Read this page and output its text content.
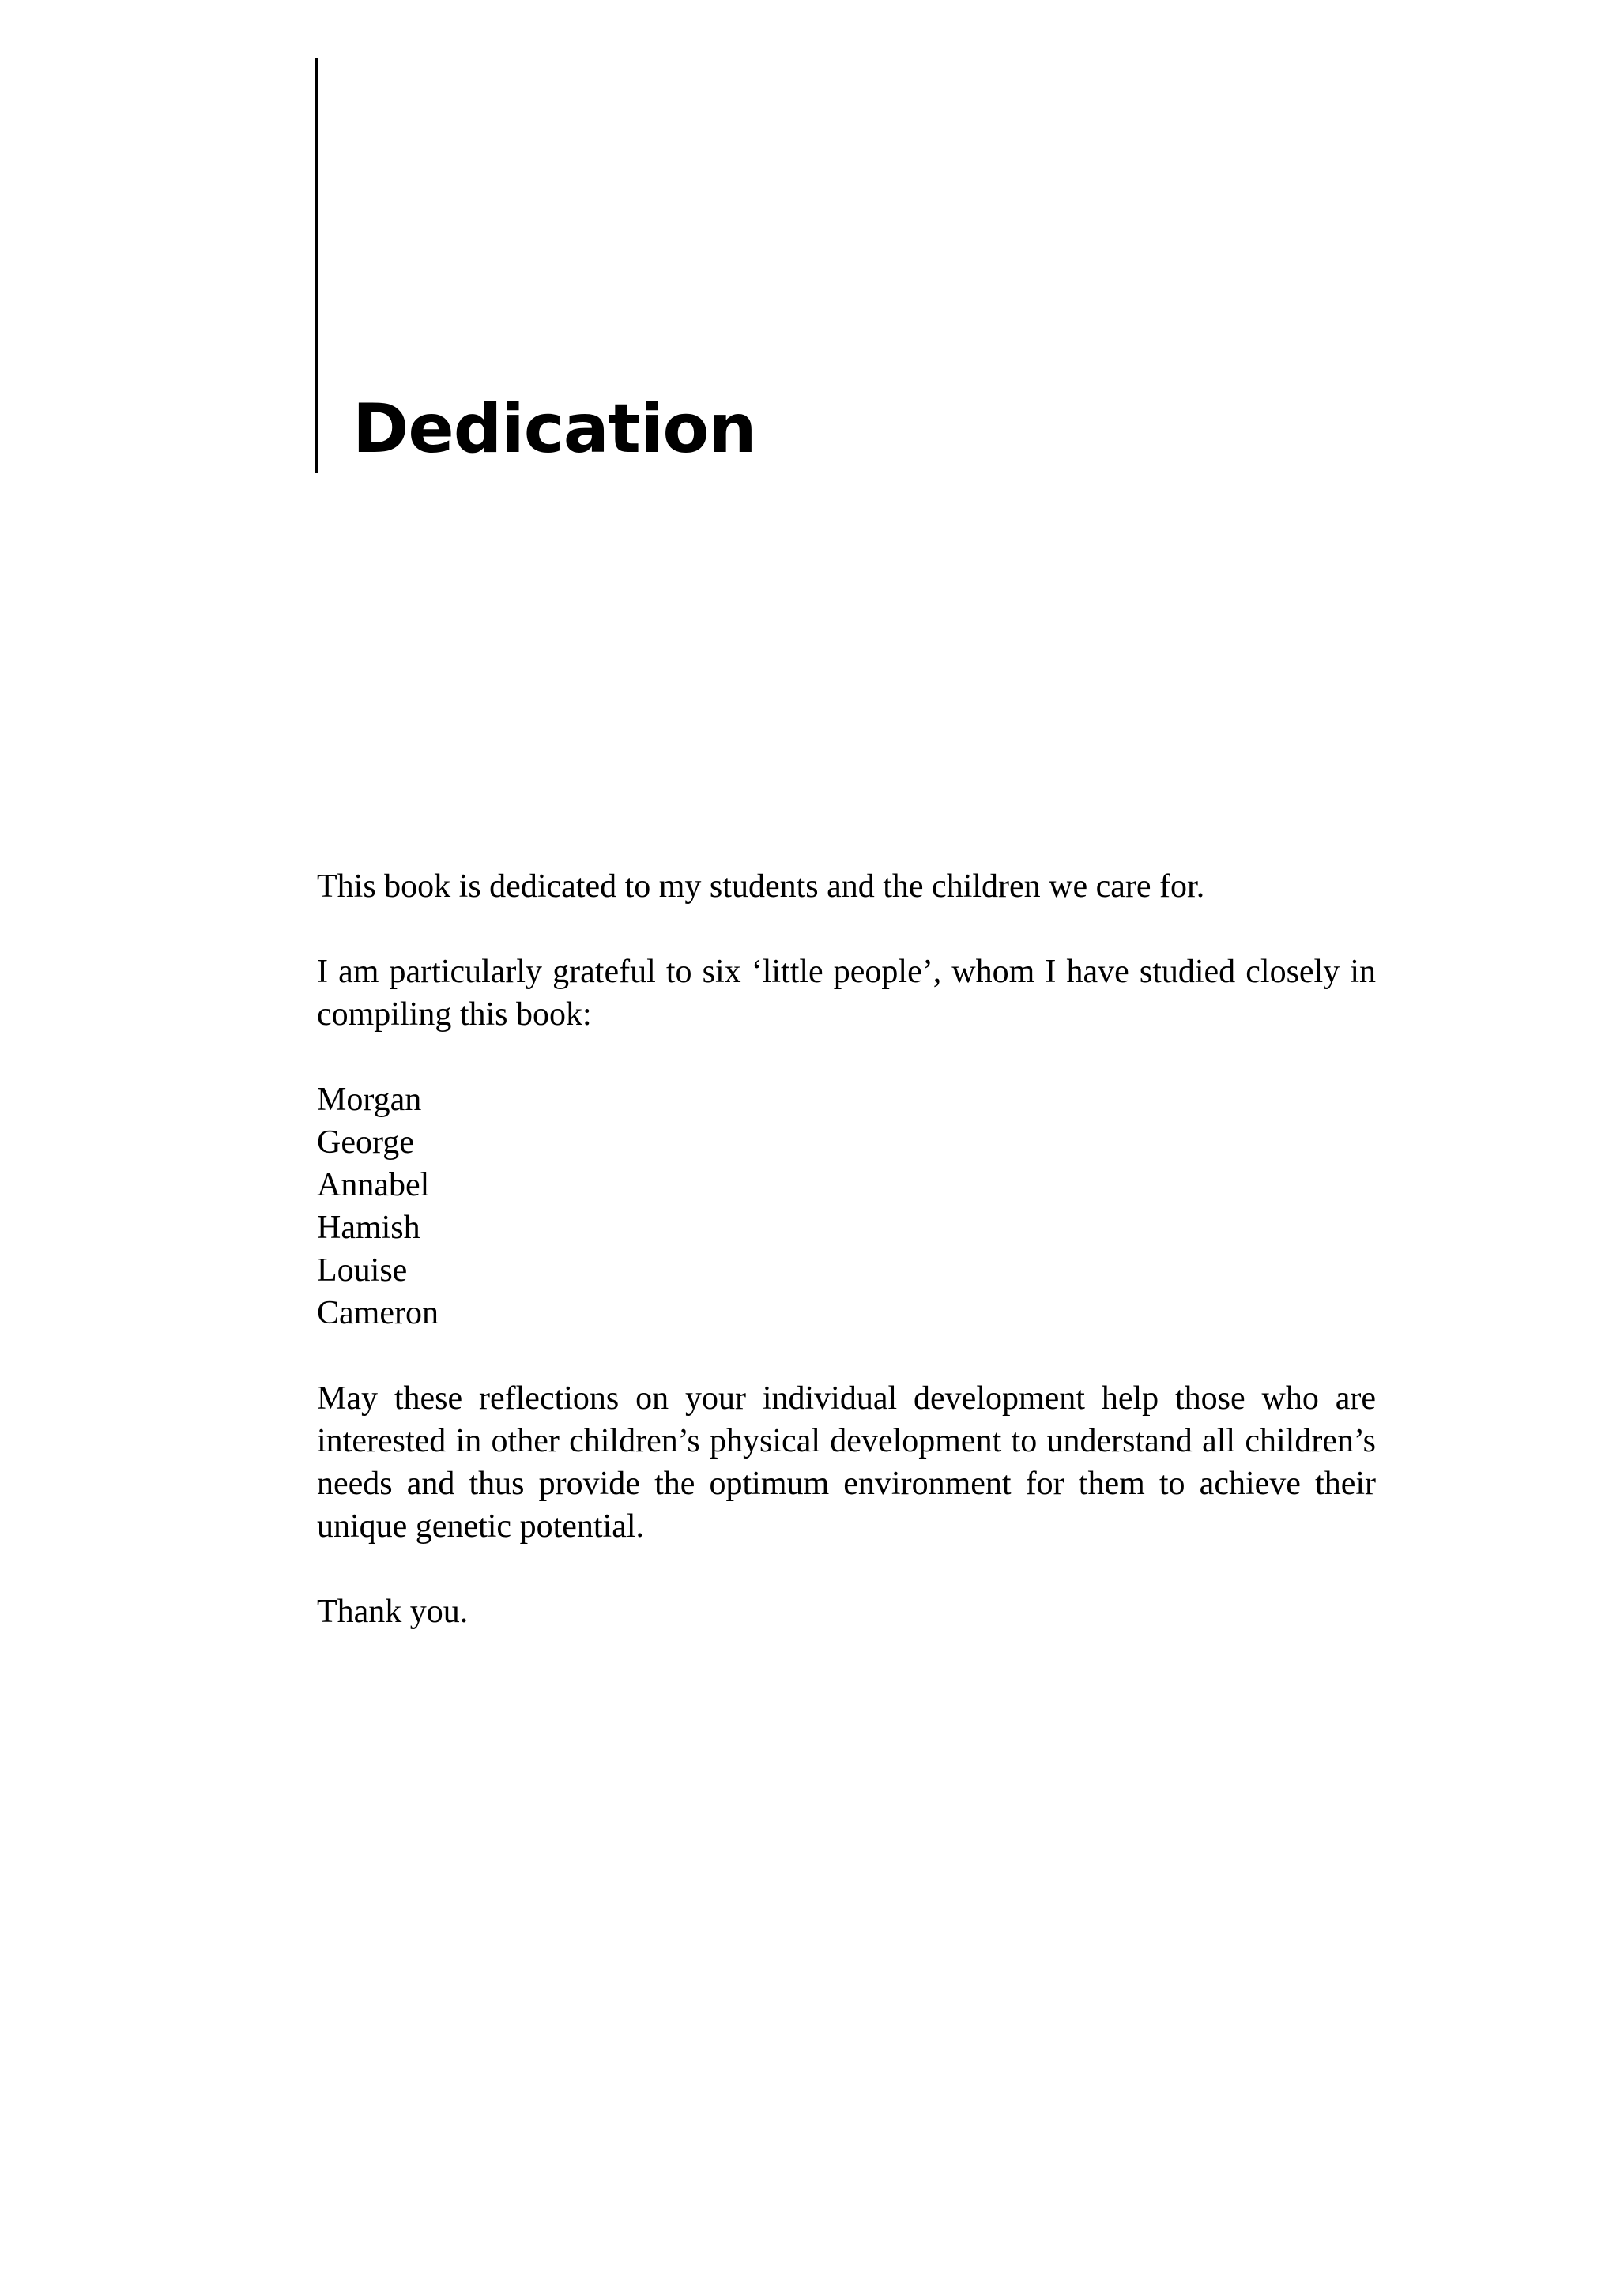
Dedication

This book is dedicated to my students and the children we care for.

I am particularly grateful to six ‘little people’, whom I have studied closely in compiling this book:

Morgan
George
Annabel
Hamish
Louise
Cameron

May these reflections on your individual development help those who are interested in other children’s physical development to understand all children’s needs and thus provide the optimum environment for them to achieve their unique genetic potential.

Thank you.
